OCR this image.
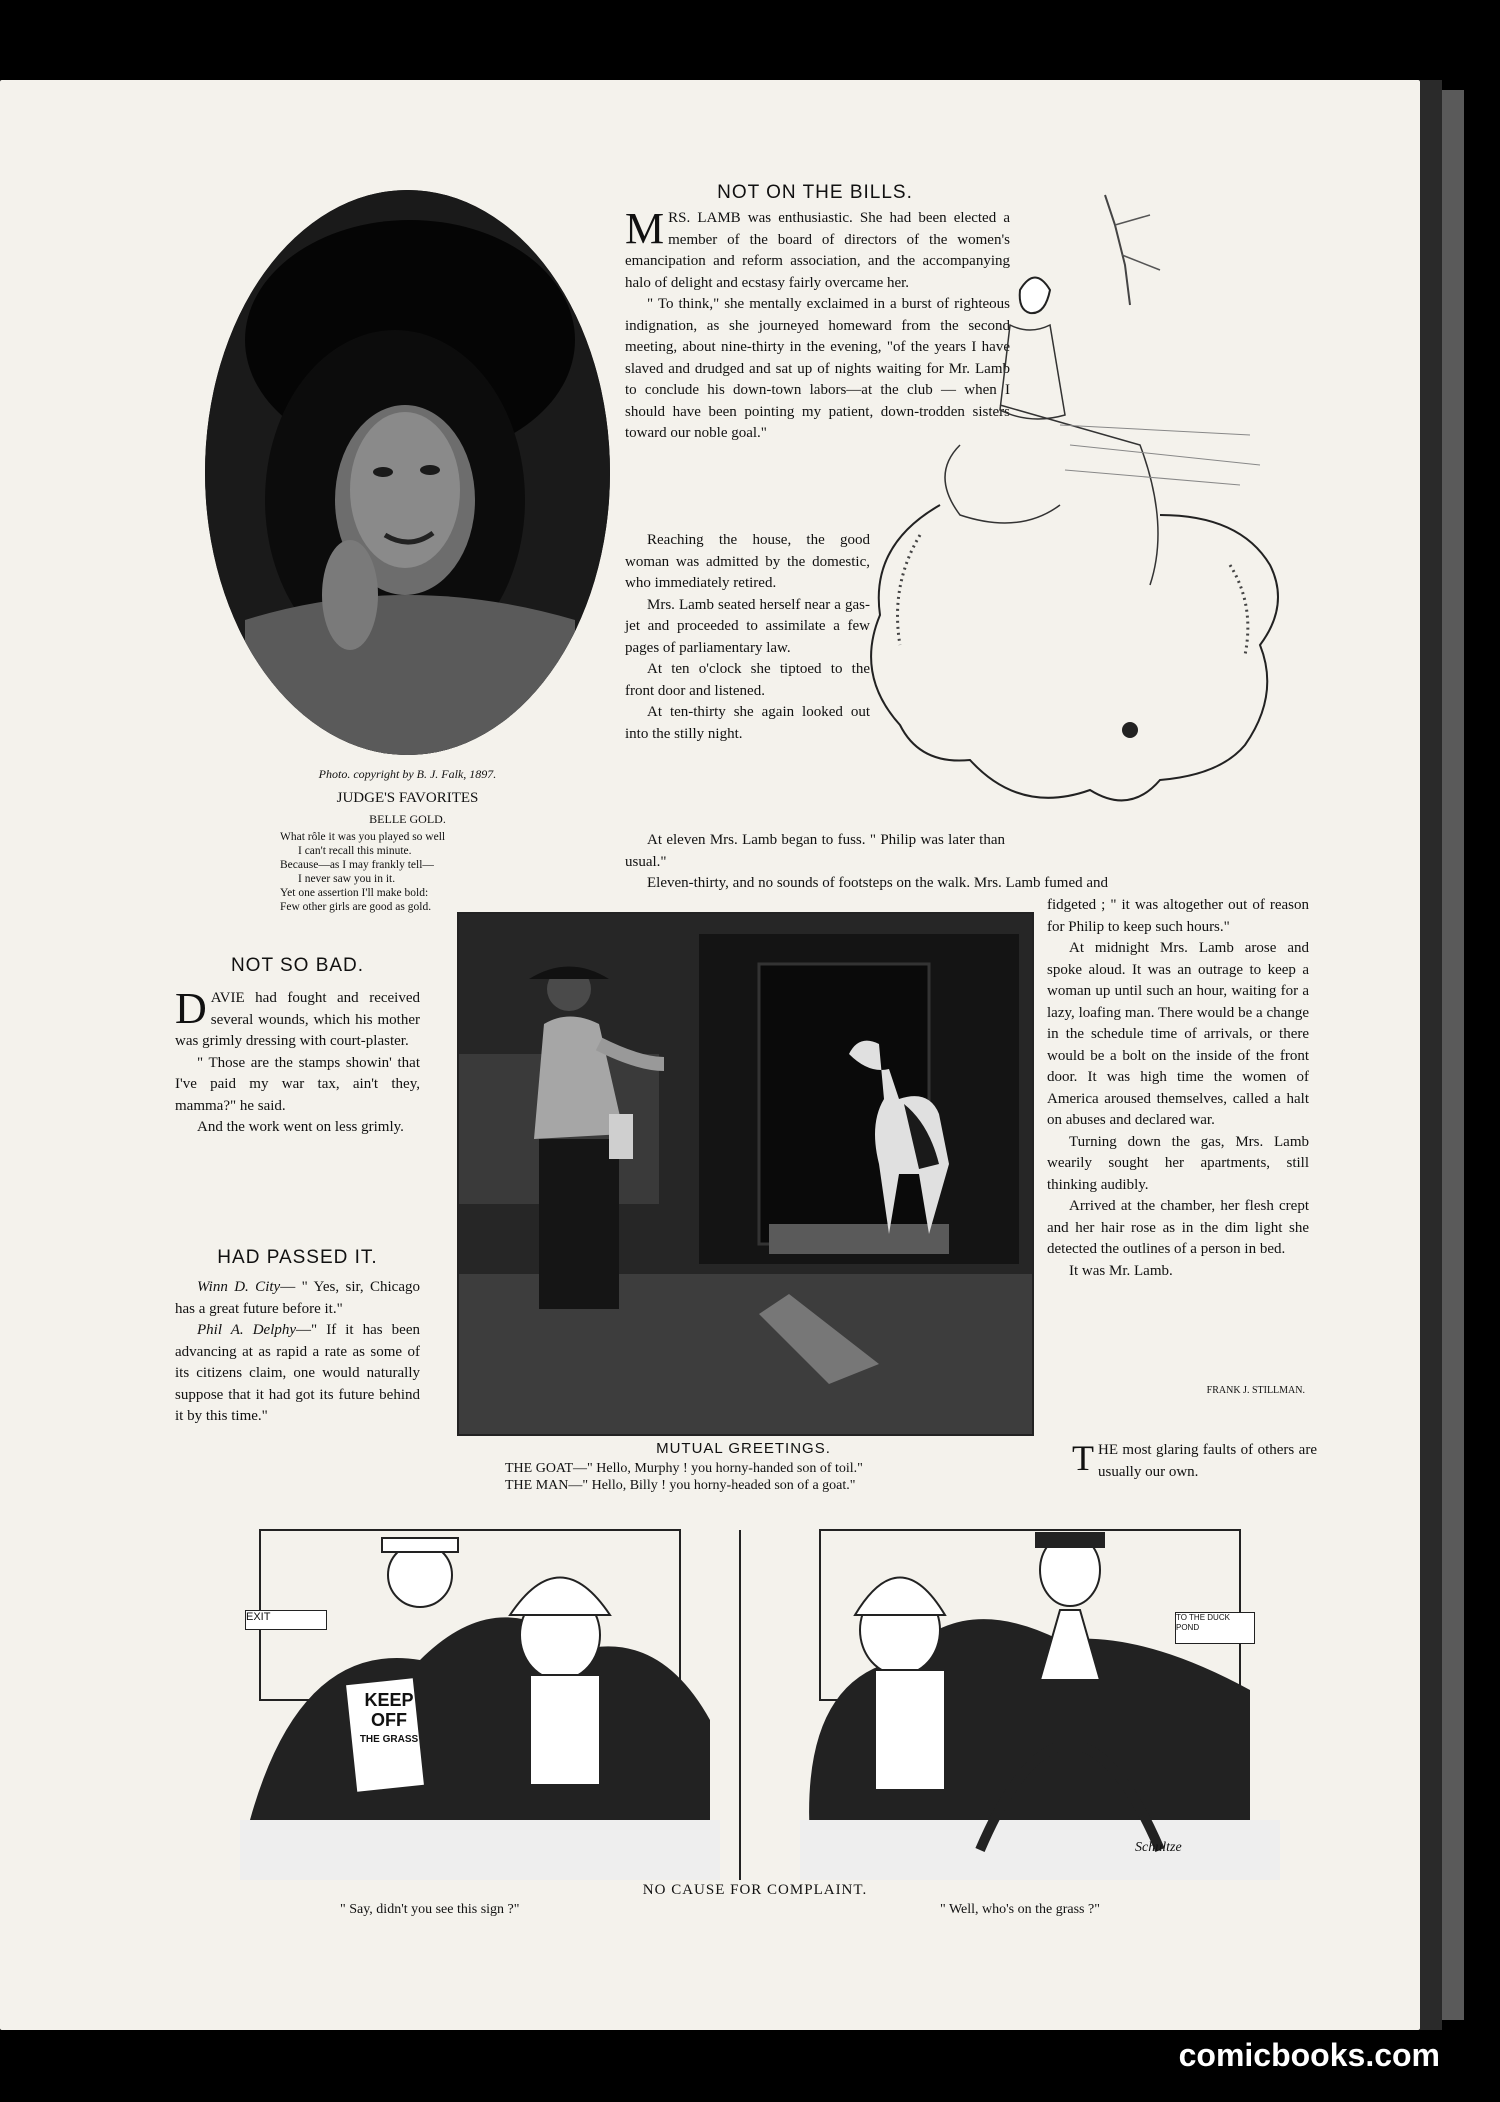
Photo. copyright by B. J. Falk, 1897.
JUDGE'S FAVORITES
BELLE GOLD.
What rôle it was you played so well
I can't recall this minute.
Because—as I may frankly tell—
I never saw you in it.
Yet one assertion I'll make bold:
Few other girls are good as gold.
NOT ON THE BILLS.

MRS. LAMB was enthusiastic. She had been elected a member of the board of directors of the women's emancipation and reform association, and the accompanying halo of delight and ecstasy fairly overcame her.

" To think," she mentally exclaimed in a burst of righteous indignation, as she journeyed homeward from the second meeting, about nine-thirty in the evening, "of the years I have slaved and drudged and sat up of nights waiting for Mr. Lamb to conclude his down-town labors—at the club — when I should have been pointing my patient, down-trodden sisters toward our noble goal."

Reaching the house, the good woman was admitted by the domestic, who immediately retired.

Mrs. Lamb seated herself near a gas-jet and proceeded to assimilate a few pages of parliamentary law.

At ten o'clock she tiptoed to the front door and listened.

At ten-thirty she again looked out into the stilly night.

At eleven Mrs. Lamb began to fuss. " Philip was later than usual."

Eleven-thirty, and no sounds of footsteps on the walk. Mrs. Lamb fumed and

fidgeted ; " it was altogether out of reason for Philip to keep such hours."

At midnight Mrs. Lamb arose and spoke aloud. It was an outrage to keep a woman up until such an hour, waiting for a lazy, loafing man. There would be a change in the schedule time of arrivals, or there would be a bolt on the inside of the front door. It was high time the women of America aroused themselves, called a halt on abuses and declared war.

Turning down the gas, Mrs. Lamb wearily sought her apartments, still thinking audibly.

Arrived at the chamber, her flesh crept and her hair rose as in the dim light she detected the outlines of a person in bed.

It was Mr. Lamb.

FRANK J. STILLMAN.
NOT SO BAD.

DAVIE had fought and received several wounds, which his mother was grimly dressing with court-plaster.

" Those are the stamps showin' that I've paid my war tax, ain't they, mamma?" he said.

And the work went on less grimly.

HAD PASSED IT.

Winn D. City— " Yes, sir, Chicago has a great future before it."

Phil A. Delphy—" If it has been advancing at as rapid a rate as some of its citizens claim, one would naturally suppose that it had got its future behind it by this time."

MUTUAL GREETINGS.
THE GOAT—" Hello, Murphy ! you horny-handed son of toil."
THE MAN—" Hello, Billy ! you horny-headed son of a goat."
THE most glaring faults of others are usually our own.
EXIT	TO THE DUCK POND
KEEP
OFF
THE GRASS
Schultze
NO CAUSE FOR COMPLAINT.
" Say, didn't you see this sign ?"	" Well, who's on the grass ?"
comicbooks.com
